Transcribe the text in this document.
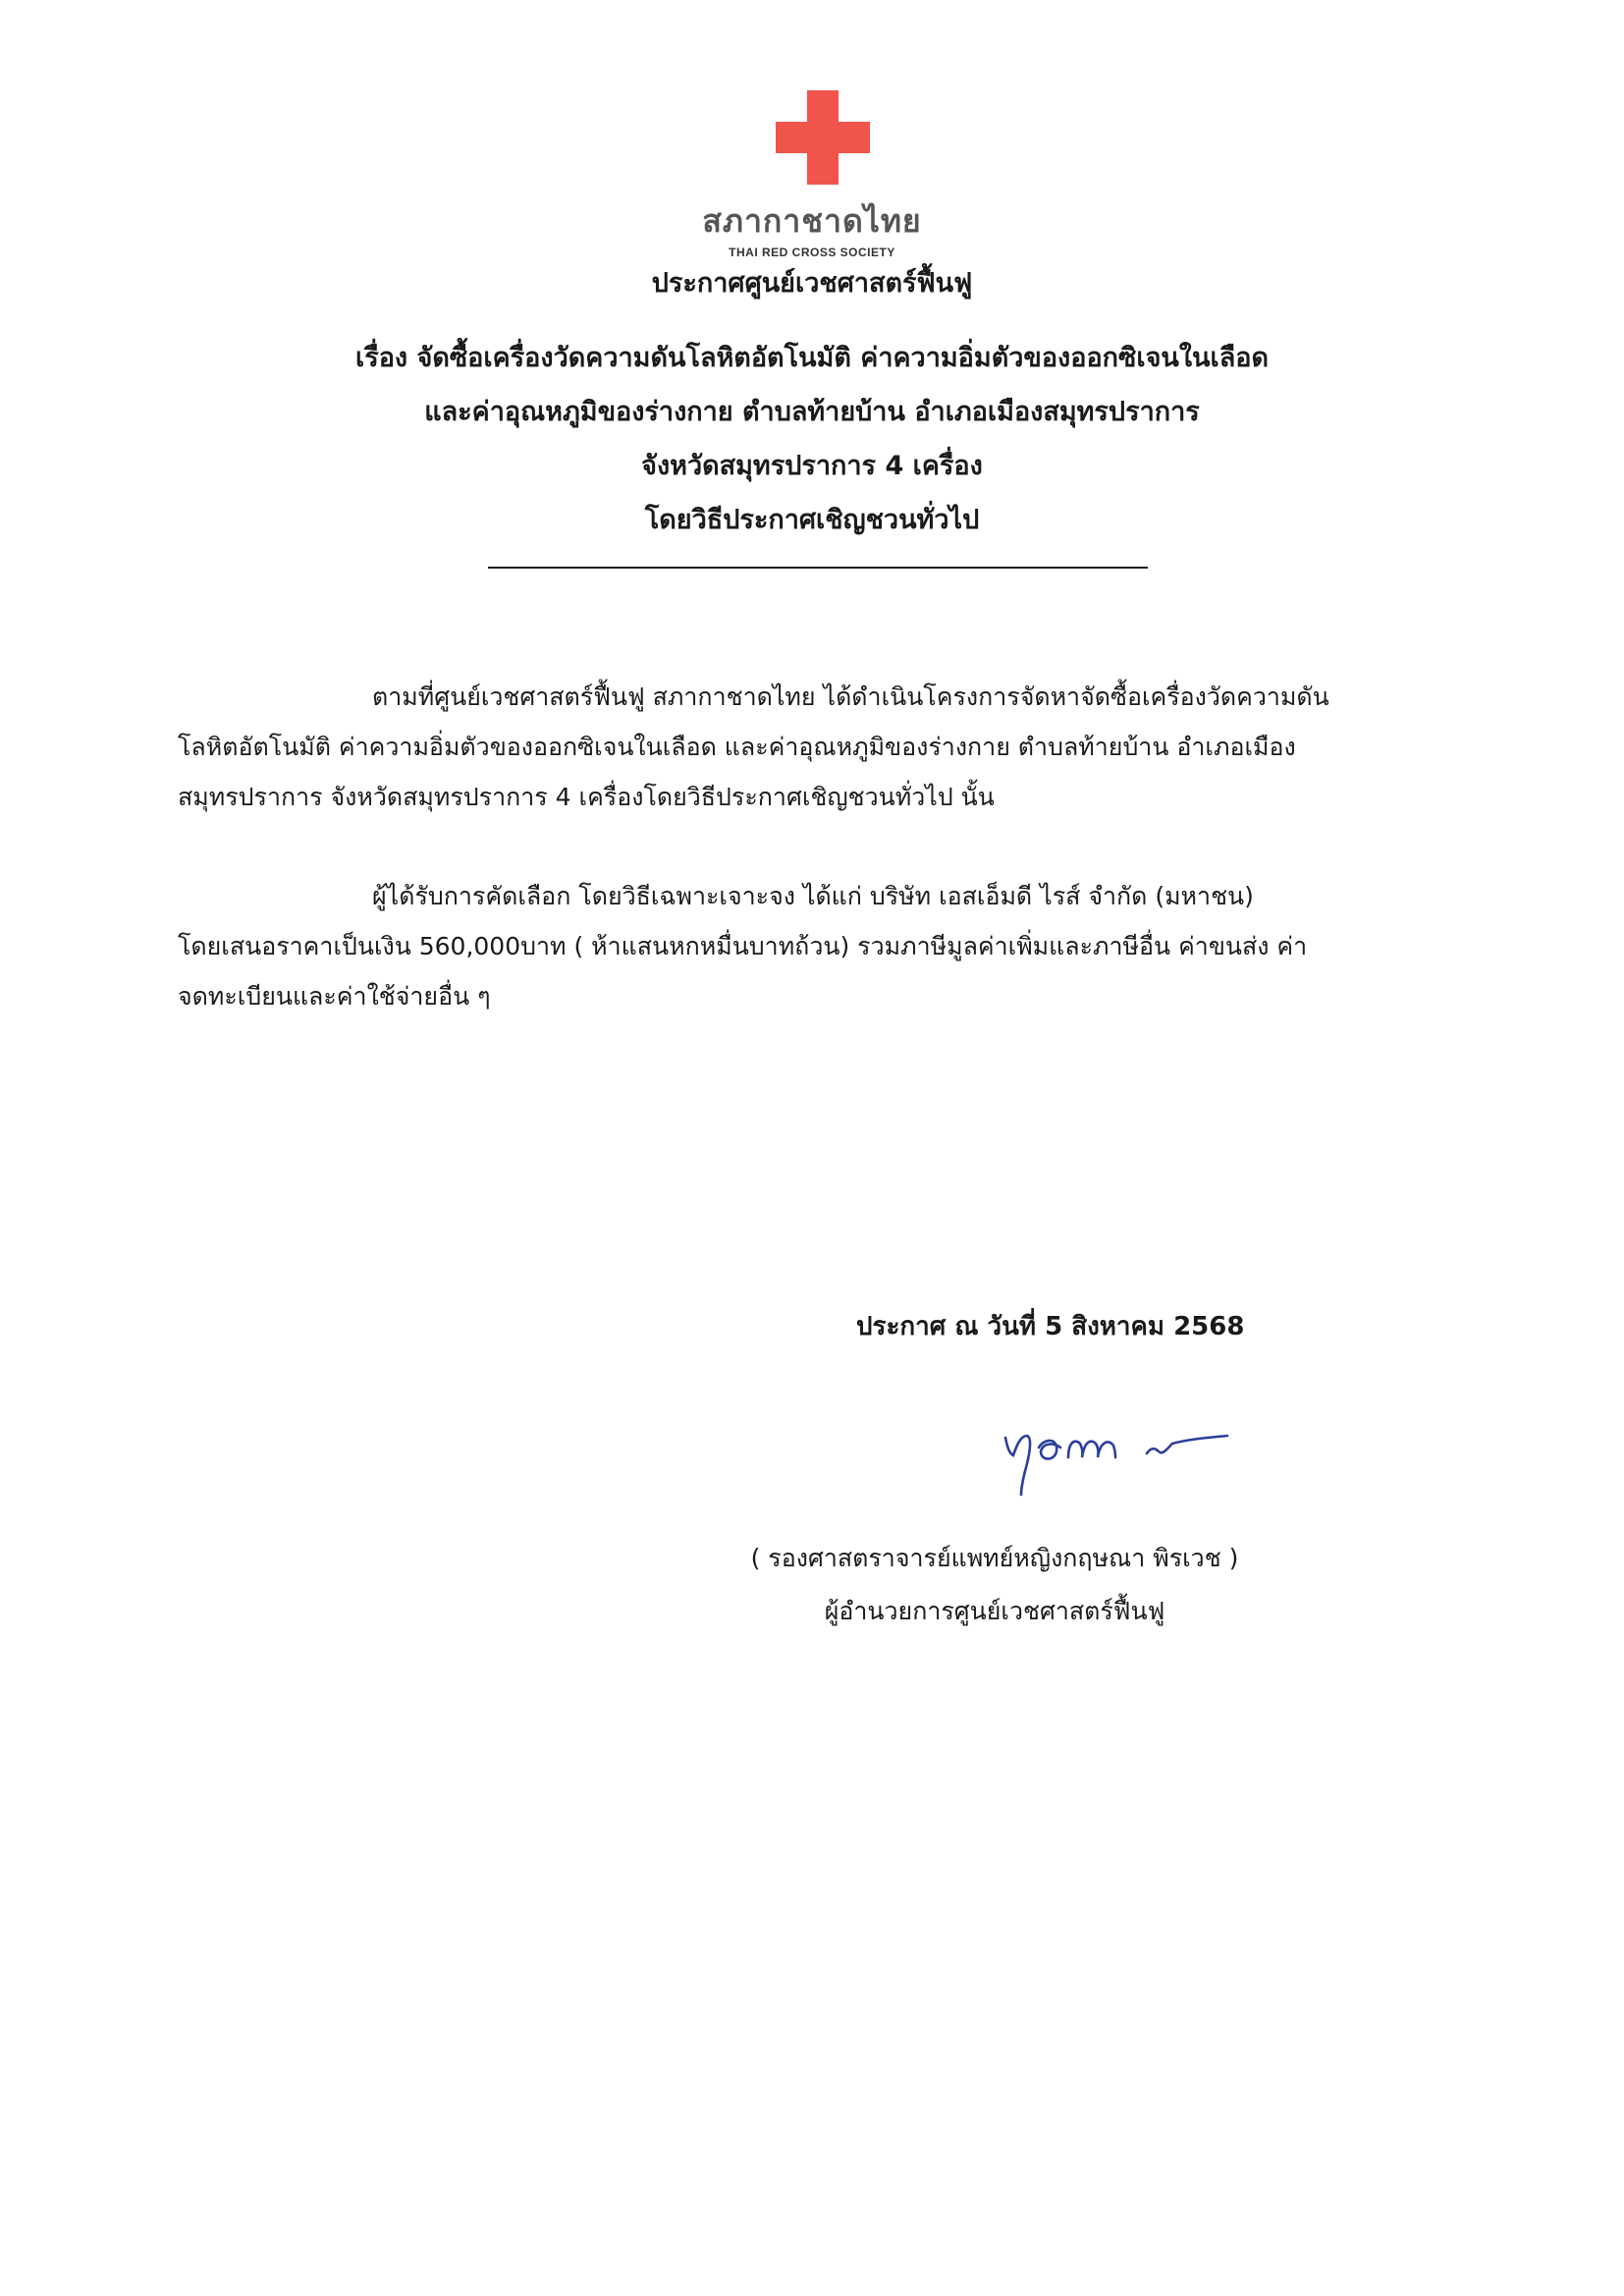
สภากาชาดไทย
THAI RED CROSS SOCIETY
ประกาศศูนย์เวชศาสตร์ฟื้นฟู
เรื่อง จัดซื้อเครื่องวัดความดันโลหิตอัตโนมัติ ค่าความอิ่มตัวของออกซิเจนในเลือด
และค่าอุณหภูมิของร่างกาย ตำบลท้ายบ้าน อำเภอเมืองสมุทรปราการ
จังหวัดสมุทรปราการ 4 เครื่อง
โดยวิธีประกาศเชิญชวนทั่วไป
ตามที่ศูนย์เวชศาสตร์ฟื้นฟู สภากาชาดไทย ได้ดำเนินโครงการจัดหาจัดซื้อเครื่องวัดความดัน
โลหิตอัตโนมัติ ค่าความอิ่มตัวของออกซิเจนในเลือด และค่าอุณหภูมิของร่างกาย ตำบลท้ายบ้าน อำเภอเมือง
สมุทรปราการ จังหวัดสมุทรปราการ 4 เครื่องโดยวิธีประกาศเชิญชวนทั่วไป นั้น
ผู้ได้รับการคัดเลือก โดยวิธีเฉพาะเจาะจง ได้แก่ บริษัท เอสเอ็มดี ไรส์ จำกัด (มหาชน)
โดยเสนอราคาเป็นเงิน 560,000บาท ( ห้าแสนหกหมื่นบาทถ้วน) รวมภาษีมูลค่าเพิ่มและภาษีอื่น ค่าขนส่ง ค่า
จดทะเบียนและค่าใช้จ่ายอื่น ๆ
ประกาศ ณ วันที่ 5 สิงหาคม 2568
( รองศาสตราจารย์แพทย์หญิงกฤษณา พิรเวช )
ผู้อำนวยการศูนย์เวชศาสตร์ฟื้นฟู
